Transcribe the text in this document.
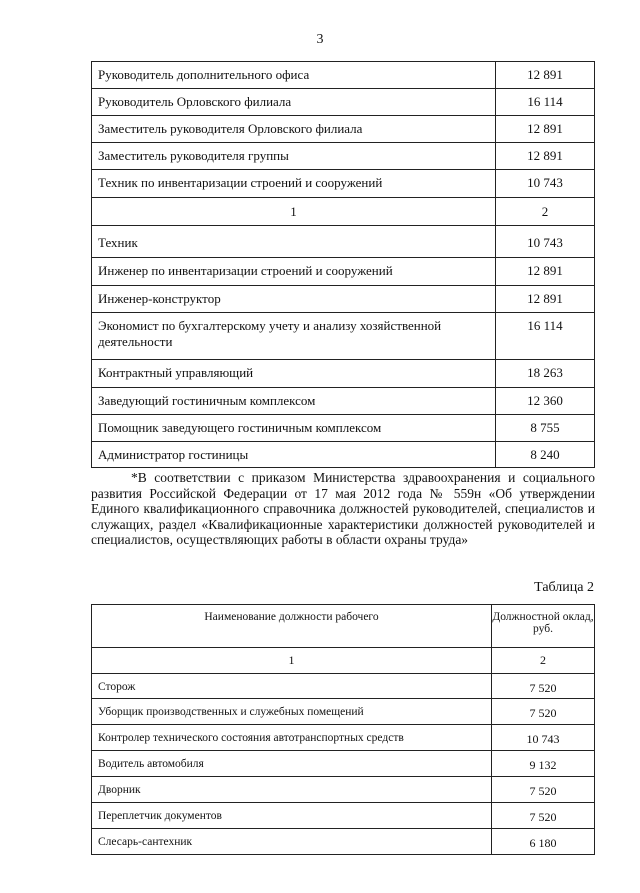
3
Руководитель дополнительного офиса	12 891
Руководитель Орловского филиала	16 114
Заместитель руководителя Орловского филиала	12 891
Заместитель руководителя группы	12 891
Техник по инвентаризации строений и сооружений	10 743
1	2
Техник	10 743
Инженер по инвентаризации строений и сооружений	12 891
Инженер-конструктор	12 891
Экономист по бухгалтерскому учету и анализу хозяйственной деятельности	16 114
Контрактный управляющий	18 263
Заведующий гостиничным комплексом	12 360
Помощник заведующего гостиничным комплексом	8 755
Администратор гостиницы	8 240

*В соответствии с приказом Министерства здравоохранения и социального развития Российской Федерации от 17 мая 2012 года № 559н «Об утверждении Единого квалификационного справочника должностей руководителей, специалистов и служащих, раздел «Квалификационные характеристики должностей руководителей и специалистов, осуществляющих работы в области охраны труда»

Таблица 2
Наименование должности рабочего	Должностной оклад, руб.
1	2
Сторож	7 520
Уборщик производственных и служебных помещений	7 520
Контролер технического состояния автотранспортных средств	10 743
Водитель автомобиля	9 132
Дворник	7 520
Переплетчик документов	7 520
Слесарь-сантехник	6 180
